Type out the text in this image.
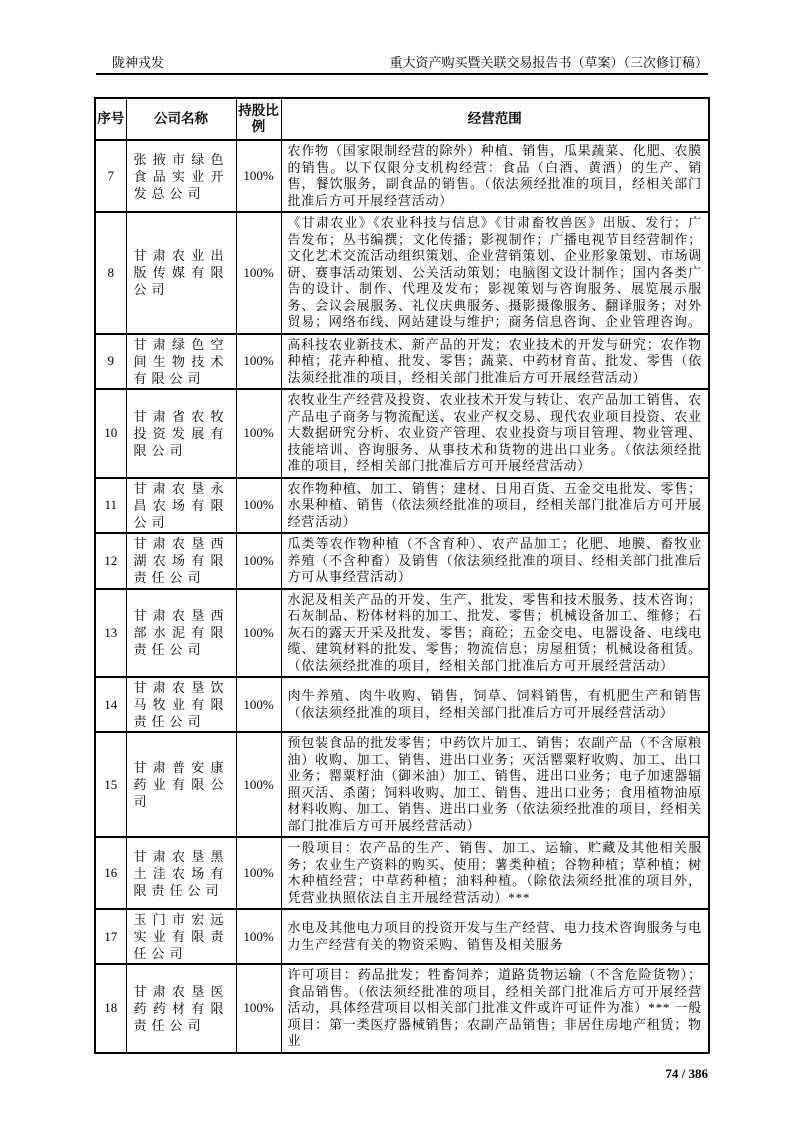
陇神戎发	重大资产购买暨关联交易报告书（草案）（三次修订稿）
序号	公司名称	持股比例	经营范围
7	张掖市绿色食品实业开发总公司	100%	农作物（国家限制经营的除外）种植、销售，瓜果蔬菜、化肥、农膜的销售。以下仅限分支机构经营：食品（白酒、黄酒）的生产、销售，餐饮服务，副食品的销售。（依法须经批准的项目，经相关部门批准后方可开展经营活动）
8	甘肃农业出版传媒有限公司	100%	《甘肃农业》《农业科技与信息》《甘肃畜牧兽医》出版、发行；广告发布；丛书编撰；文化传播；影视制作；广播电视节目经营制作；文化艺术交流活动组织策划、企业营销策划、企业形象策划、市场调研、赛事活动策划、公关活动策划；电脑图文设计制作；国内各类广告的设计、制作、代理及发布；影视策划与咨询服务、展览展示服务、会议会展服务、礼仪庆典服务、摄影摄像服务、翻译服务；对外贸易；网络布线、网站建设与维护；商务信息咨询、企业管理咨询。
9	甘肃绿色空间生物技术有限公司	100%	高科技农业新技术、新产品的开发；农业技术的开发与研究；农作物种植；花卉种植、批发、零售；蔬菜、中药材育苗、批发、零售（依法须经批准的项目，经相关部门批准后方可开展经营活动）
10	甘肃省农牧投资发展有限公司	100%	农牧业生产经营及投资、农业技术开发与转让、农产品加工销售、农产品电子商务与物流配送、农业产权交易、现代农业项目投资、农业大数据研究分析、农业资产管理、农业投资与项目管理、物业管理、技能培训、咨询服务、从事技术和货物的进出口业务。（依法须经批准的项目，经相关部门批准后方可开展经营活动）
11	甘肃农垦永昌农场有限公司	100%	农作物种植、加工、销售；建材、日用百货、五金交电批发、零售；水果种植、销售（依法须经批准的项目，经相关部门批准后方可开展经营活动）
12	甘肃农垦西湖农场有限责任公司	100%	瓜类等农作物种植（不含育种）、农产品加工；化肥、地膜、畜牧业养殖（不含种畜）及销售（依法须经批准的项目、经相关部门批准后方可从事经营活动）
13	甘肃农垦西部水泥有限责任公司	100%	水泥及相关产品的开发、生产、批发、零售和技术服务、技术咨询；石灰制品、粉体材料的加工、批发、零售；机械设备加工、维修；石灰石的露天开采及批发、零售；商砼；五金交电、电器设备、电线电缆、建筑材料的批发、零售；物流信息；房屋租赁；机械设备租赁。（依法须经批准的项目，经相关部门批准后方可开展经营活动）
14	甘肃农垦饮马牧业有限责任公司	100%	肉牛养殖、肉牛收购、销售，饲草、饲料销售，有机肥生产和销售（依法须经批准的项目，经相关部门批准后方可开展经营活动）
15	甘肃普安康药业有限公司	100%	预包装食品的批发零售；中药饮片加工、销售；农副产品（不含原粮油）收购、加工、销售、进出口业务；灭活罂粟籽收购、加工、出口业务；罂粟籽油（御米油）加工、销售、进出口业务；电子加速器辐照灭活、杀菌；饲料收购、加工、销售、进出口业务；食用植物油原材料收购、加工、销售、进出口业务（依法须经批准的项目，经相关部门批准后方可开展经营活动）
16	甘肃农垦黑土洼农场有限责任公司	100%	一般项目：农产品的生产、销售、加工、运输、贮藏及其他相关服务；农业生产资料的购买、使用；薯类种植；谷物种植；草种植；树木种植经营；中草药种植；油料种植。（除依法须经批准的项目外，凭营业执照依法自主开展经营活动）***
17	玉门市宏远实业有限责任公司	100%	水电及其他电力项目的投资开发与生产经营、电力技术咨询服务与电力生产经营有关的物资采购、销售及相关服务
18	甘肃农垦医药药材有限责任公司	100%	许可项目：药品批发；牲畜饲养；道路货物运输（不含危险货物）；食品销售。（依法须经批准的项目，经相关部门批准后方可开展经营活动，具体经营项目以相关部门批准文件或许可证件为准）*** 一般项目：第一类医疗器械销售；农副产品销售；非居住房地产租赁；物业
74 / 386
